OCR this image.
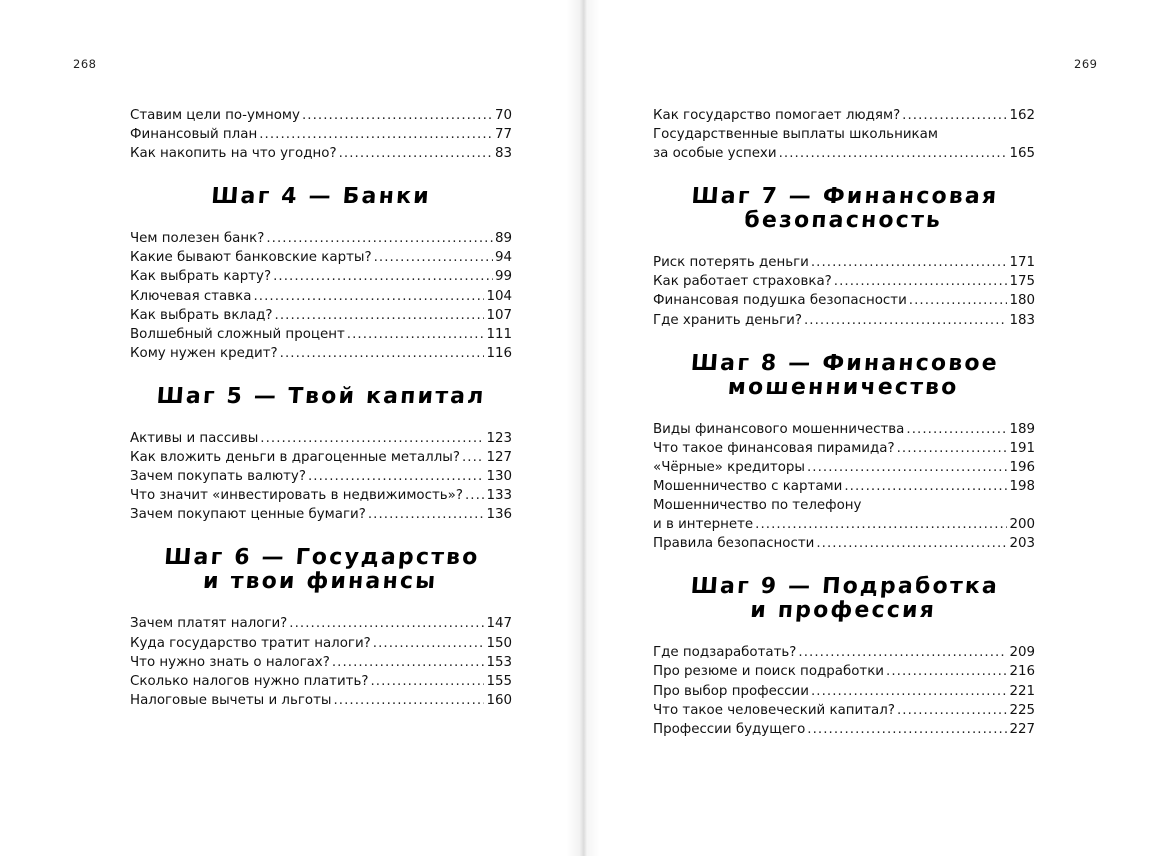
268
Ставим цели по-умному . . .	70
Финансовый план . . .	77
Как накопить на что угодно? . . .	83
Шаг 4 — Банки
Чем полезен банк? . . .	89
Какие бывают банковские карты? . . .	94
Как выбрать карту? . . .	99
Ключевая ставка . . .	104
Как выбрать вклад? . . .	107
Волшебный сложный процент . . .	111
Кому нужен кредит? . . .	116
Шаг 5 — Твой капитал
Активы и пассивы . . .	123
Как вложить деньги в драгоценные металлы? . . . 127
Зачем покупать валюту? . . .	130
Что значит «инвестировать в недвижимость»? . . . 133
Зачем покупают ценные бумаги? . . .	136
Шаг 6 — Государство
и твои финансы
Зачем платят налоги? . . .	147
Куда государство тратит налоги? . . .	150
Что нужно знать о налогах? . . .	153
Сколько налогов нужно платить? . . .	155
Налоговые вычеты и льготы . . .	160
269
Как государство помогает людям? . . .	162
Государственные выплаты школьникам
за особые успехи . . .	165
Шаг 7 — Финансовая
безопасность
Риск потерять деньги . . .	171
Как работает страховка? . . .	175
Финансовая подушка безопасности . . .	180
Где хранить деньги? . . .	183
Шаг 8 — Финансовое
мошенничество
Виды финансового мошенничества . . .	189
Что такое финансовая пирамида? . . .	191
«Чёрные» кредиторы . . .	196
Мошенничество с картами . . .	198
Мошенничество по телефону
и в интернете . . .	200
Правила безопасности . . .	203
Шаг 9 — Подработка
и профессия
Где подзаработать? . . .	209
Про резюме и поиск подработки . . .	216
Про выбор профессии . . .	221
Что такое человеческий капитал? . . .	225
Профессии будущего . . .	227
